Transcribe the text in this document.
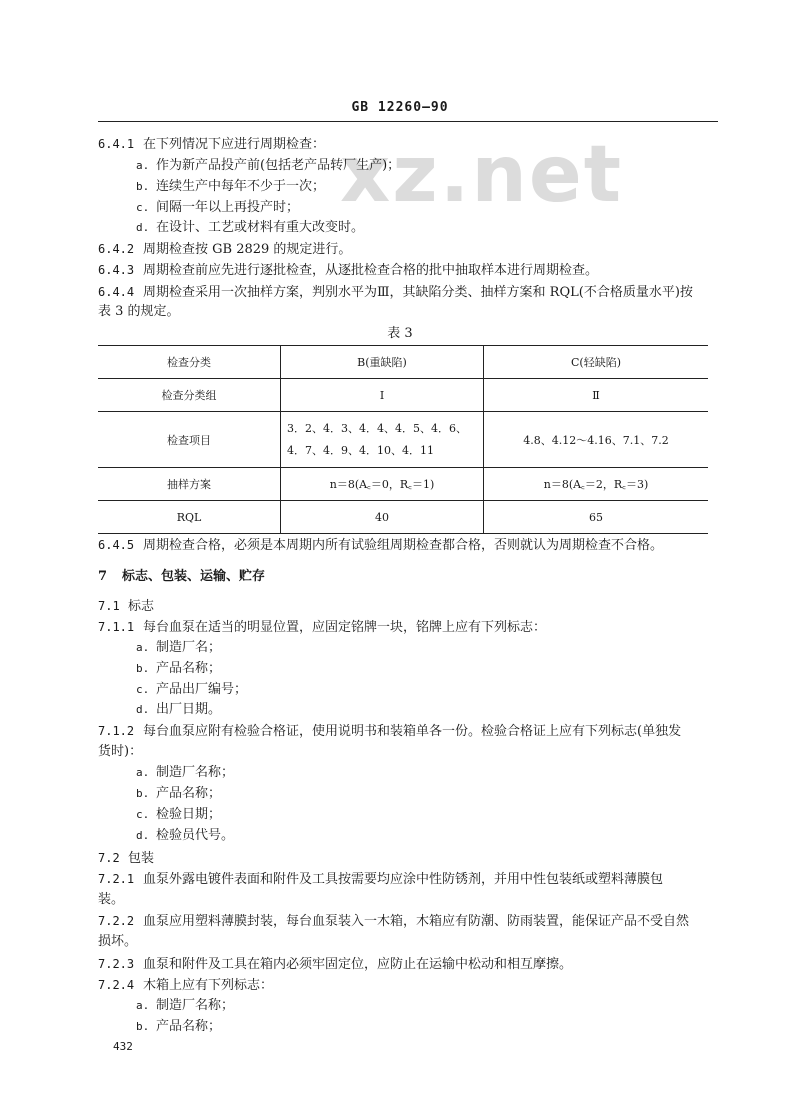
GB 12260—90
xz.net
6.4.1 在下列情况下应进行周期检查：
a. 作为新产品投产前(包括老产品转厂生产)；
b. 连续生产中每年不少于一次；
c. 间隔一年以上再投产时；
d. 在设计、工艺或材料有重大改变时。
6.4.2 周期检查按 GB 2829 的规定进行。
6.4.3 周期检查前应先进行逐批检查，从逐批检查合格的批中抽取样本进行周期检查。
6.4.4 周期检查采用一次抽样方案，判别水平为Ⅲ，其缺陷分类、抽样方案和 RQL(不合格质量水平)按
表 3 的规定。
表 3
检查分类	B(重缺陷)	C(轻缺陷)
检查分类组	Ⅰ	Ⅱ
检查项目	3．2、4．3、4．4、4．5、4．6、4．7、4．9、4．10、4．11	4.8、4.12～4.16、7.1、7.2
抽样方案	n＝8(A꜀＝0，R꜀＝1)	n＝8(A꜀＝2，R꜀＝3)
RQL	40	65
6.4.5 周期检查合格，必须是本周期内所有试验组周期检查都合格，否则就认为周期检查不合格。
7 标志、包装、运输、贮存
7.1 标志
7.1.1 每台血泵在适当的明显位置，应固定铭牌一块，铭牌上应有下列标志：
a. 制造厂名；
b. 产品名称；
c. 产品出厂编号；
d. 出厂日期。
7.1.2 每台血泵应附有检验合格证，使用说明书和装箱单各一份。检验合格证上应有下列标志(单独发
货时)：
a. 制造厂名称；
b. 产品名称；
c. 检验日期；
d. 检验员代号。
7.2 包装
7.2.1 血泵外露电镀件表面和附件及工具按需要均应涂中性防锈剂，并用中性包装纸或塑料薄膜包
装。
7.2.2 血泵应用塑料薄膜封装，每台血泵装入一木箱，木箱应有防潮、防雨装置，能保证产品不受自然
损坏。
7.2.3 血泵和附件及工具在箱内必须牢固定位，应防止在运输中松动和相互摩擦。
7.2.4 木箱上应有下列标志：
a. 制造厂名称；
b. 产品名称；
432
